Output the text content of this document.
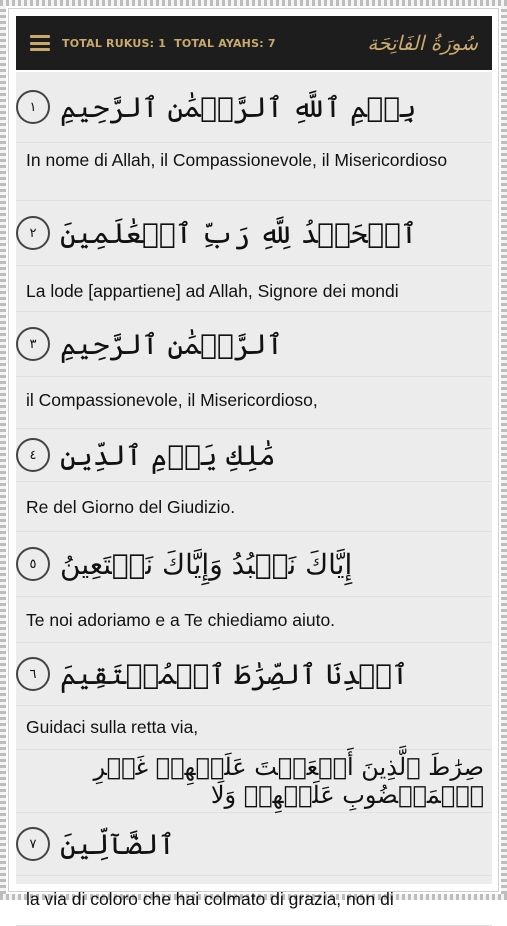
TOTAL RUKUS: 1 TOTAL AYAHS: 7	سُورَةُ الفَاتِحَة
بِسۡمِ ٱللَّهِ ٱلرَّحۡمَٰنِ ٱلرَّحِيمِ
١
In nome di Allah, il Compassionevole, il Misericordioso
ٱلۡحَمۡدُ لِلَّهِ رَبِّ ٱلۡعَٰلَمِينَ
٢
La lode [appartiene] ad Allah, Signore dei mondi
ٱلرَّحۡمَٰنِ ٱلرَّحِيمِ
٣
il Compassionevole, il Misericordioso,
مَٰلِكِ يَوۡمِ ٱلدِّينِ
٤
Re del Giorno del Giudizio.
إِيَّاكَ نَعۡبُدُ وَإِيَّاكَ نَسۡتَعِينُ
٥
Te noi adoriamo e a Te chiediamo aiuto.
ٱهۡدِنَا ٱلصِّرَٰطَ ٱلۡمُسۡتَقِيمَ
٦
Guidaci sulla retta via,
صِرَٰطَ ٱلَّذِينَ أَنۡعَمۡتَ عَلَيۡهِمۡ غَيۡرِ ٱلۡمَغۡضُوبِ عَلَيۡهِمۡ وَلَا
ٱلضَّآلِّينَ
٧
la via di coloro che hai colmato di grazia, non di
